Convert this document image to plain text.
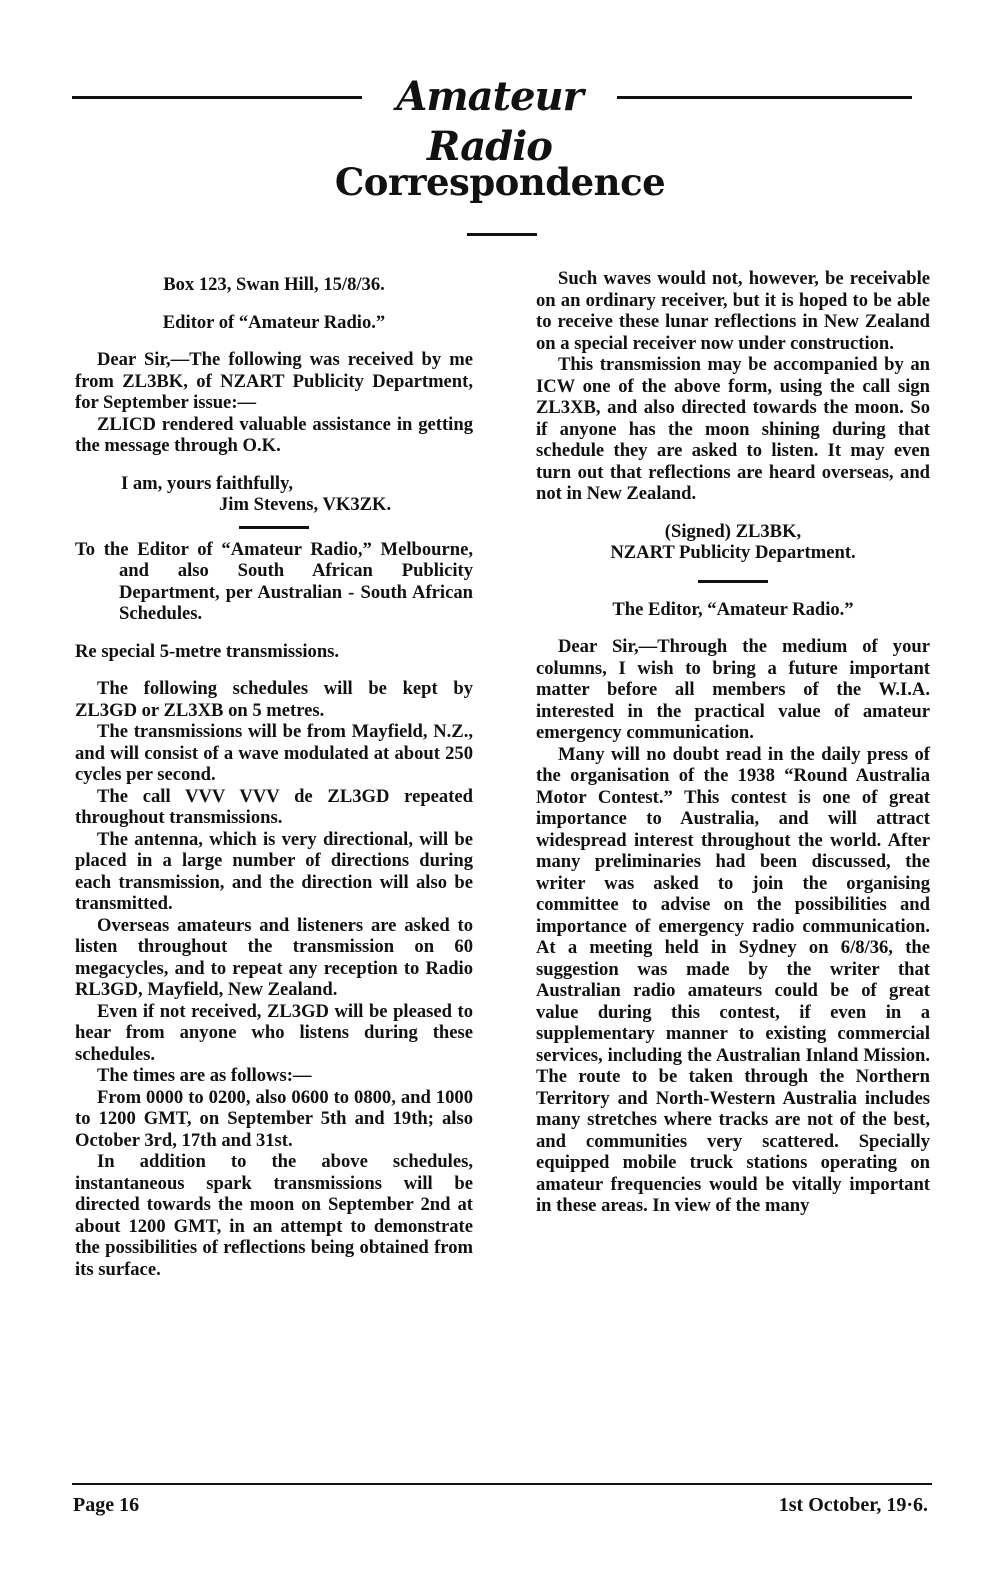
Amateur Radio
Correspondence

Box 123, Swan Hill, 15/8/36.

Editor of “Amateur Radio.”

Dear Sir,—The following was received by me from ZL3BK, of NZART Publicity Department, for September issue:—

ZLICD rendered valuable assistance in getting the message through O.K.

I am, yours faithfully,

Jim Stevens, VK3ZK.

To the Editor of “Amateur Radio,” Melbourne, and also South African Publicity Department, per Australian - South African Schedules.

Re special 5-metre transmissions.

The following schedules will be kept by ZL3GD or ZL3XB on 5 metres.

The transmissions will be from Mayfield, N.Z., and will consist of a wave modulated at about 250 cycles per second.

The call VVV VVV de ZL3GD repeated throughout transmissions.

The antenna, which is very directional, will be placed in a large number of directions during each transmission, and the direction will also be transmitted.

Overseas amateurs and listeners are asked to listen throughout the transmission on 60 megacycles, and to repeat any reception to Radio RL3GD, Mayfield, New Zealand.

Even if not received, ZL3GD will be pleased to hear from anyone who listens during these schedules.

The times are as follows:—

From 0000 to 0200, also 0600 to 0800, and 1000 to 1200 GMT, on September 5th and 19th; also October 3rd, 17th and 31st.

In addition to the above schedules, instantaneous spark transmissions will be directed towards the moon on September 2nd at about 1200 GMT, in an attempt to demonstrate the possibilities of reflections being obtained from its surface.

Such waves would not, however, be receivable on an ordinary receiver, but it is hoped to be able to receive these lunar reflections in New Zealand on a special receiver now under construction.

This transmission may be accompanied by an ICW one of the above form, using the call sign ZL3XB, and also directed towards the moon. So if anyone has the moon shining during that schedule they are asked to listen. It may even turn out that reflections are heard overseas, and not in New Zealand.

(Signed) ZL3BK,

NZART Publicity Department.

The Editor, “Amateur Radio.”

Dear Sir,—Through the medium of your columns, I wish to bring a future important matter before all members of the W.I.A. interested in the practical value of amateur emergency communication.

Many will no doubt read in the daily press of the organisation of the 1938 “Round Australia Motor Contest.” This contest is one of great importance to Australia, and will attract widespread interest throughout the world. After many preliminaries had been discussed, the writer was asked to join the organising committee to advise on the possibilities and importance of emergency radio communication. At a meeting held in Sydney on 6/8/36, the suggestion was made by the writer that Australian radio amateurs could be of great value during this contest, if even in a supplementary manner to existing commercial services, including the Australian Inland Mission. The route to be taken through the Northern Territory and North-Western Australia includes many stretches where tracks are not of the best, and communities very scattered. Specially equipped mobile truck stations operating on amateur frequencies would be vitally important in these areas. In view of the many

Page 16	1st October, 19·6.
